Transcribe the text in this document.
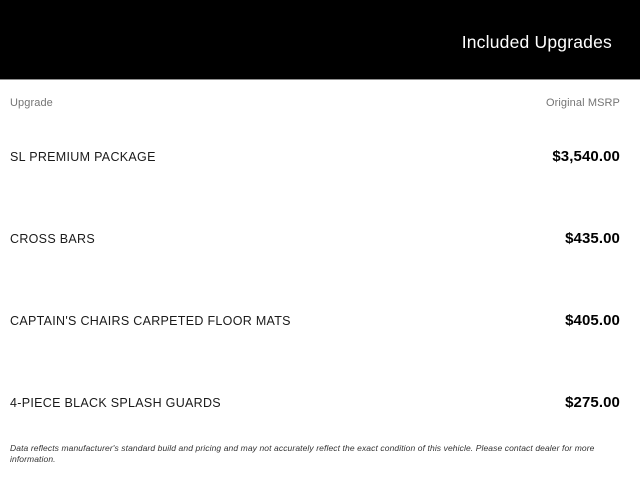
Included Upgrades
Upgrade	Original MSRP
SL PREMIUM PACKAGE	$3,540.00
CROSS BARS	$435.00
CAPTAIN'S CHAIRS CARPETED FLOOR MATS	$405.00
4-PIECE BLACK SPLASH GUARDS	$275.00
Data reflects manufacturer's standard build and pricing and may not accurately reflect the exact condition of this vehicle. Please contact dealer for more information.
